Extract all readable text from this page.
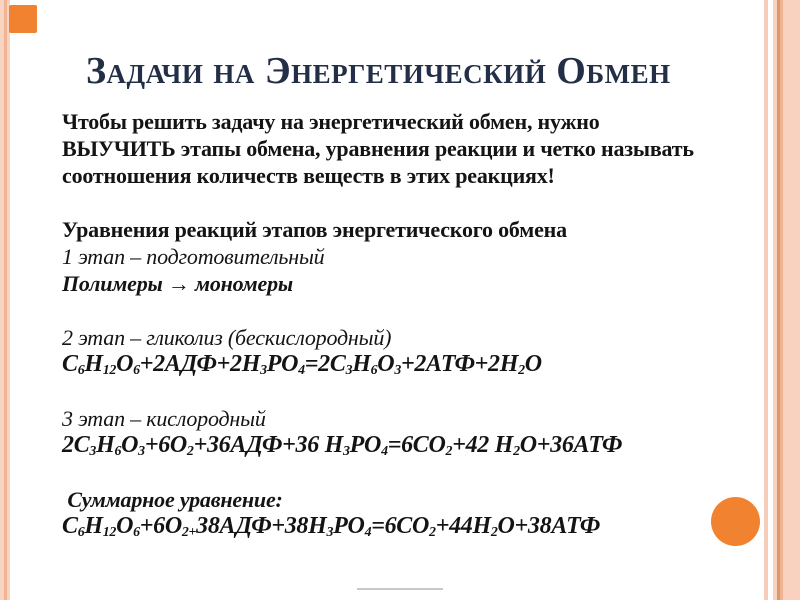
Задачи на Энергетический Обмен
Чтобы решить задачу на энергетический обмен, нужно
ВЫУЧИТЬ этапы обмена, уравнения реакции и четко называть
соотношения количеств веществ в этих реакциях!

Уравнения реакций этапов энергетического обмена
1 этап – подготовительный
Полимеры → мономеры

2 этап – гликолиз (бескислородный)
$C_6H_{12}O_6+2АДФ+2H_3PO_4=2C_3H_6O_3+2АТФ+2H_2O$

3 этап – кислородный
$2C_3H_6O_3+6O_2+36АДФ+36$ $H_3PO_4=6CO_2+42$ $H_2O+36АТФ$

Суммарное уравнение:
$C_6H_{12}O_6+6O_{2+}38АДФ+38H_3PO_4=6CO_2+44H_2O+38АТФ$
